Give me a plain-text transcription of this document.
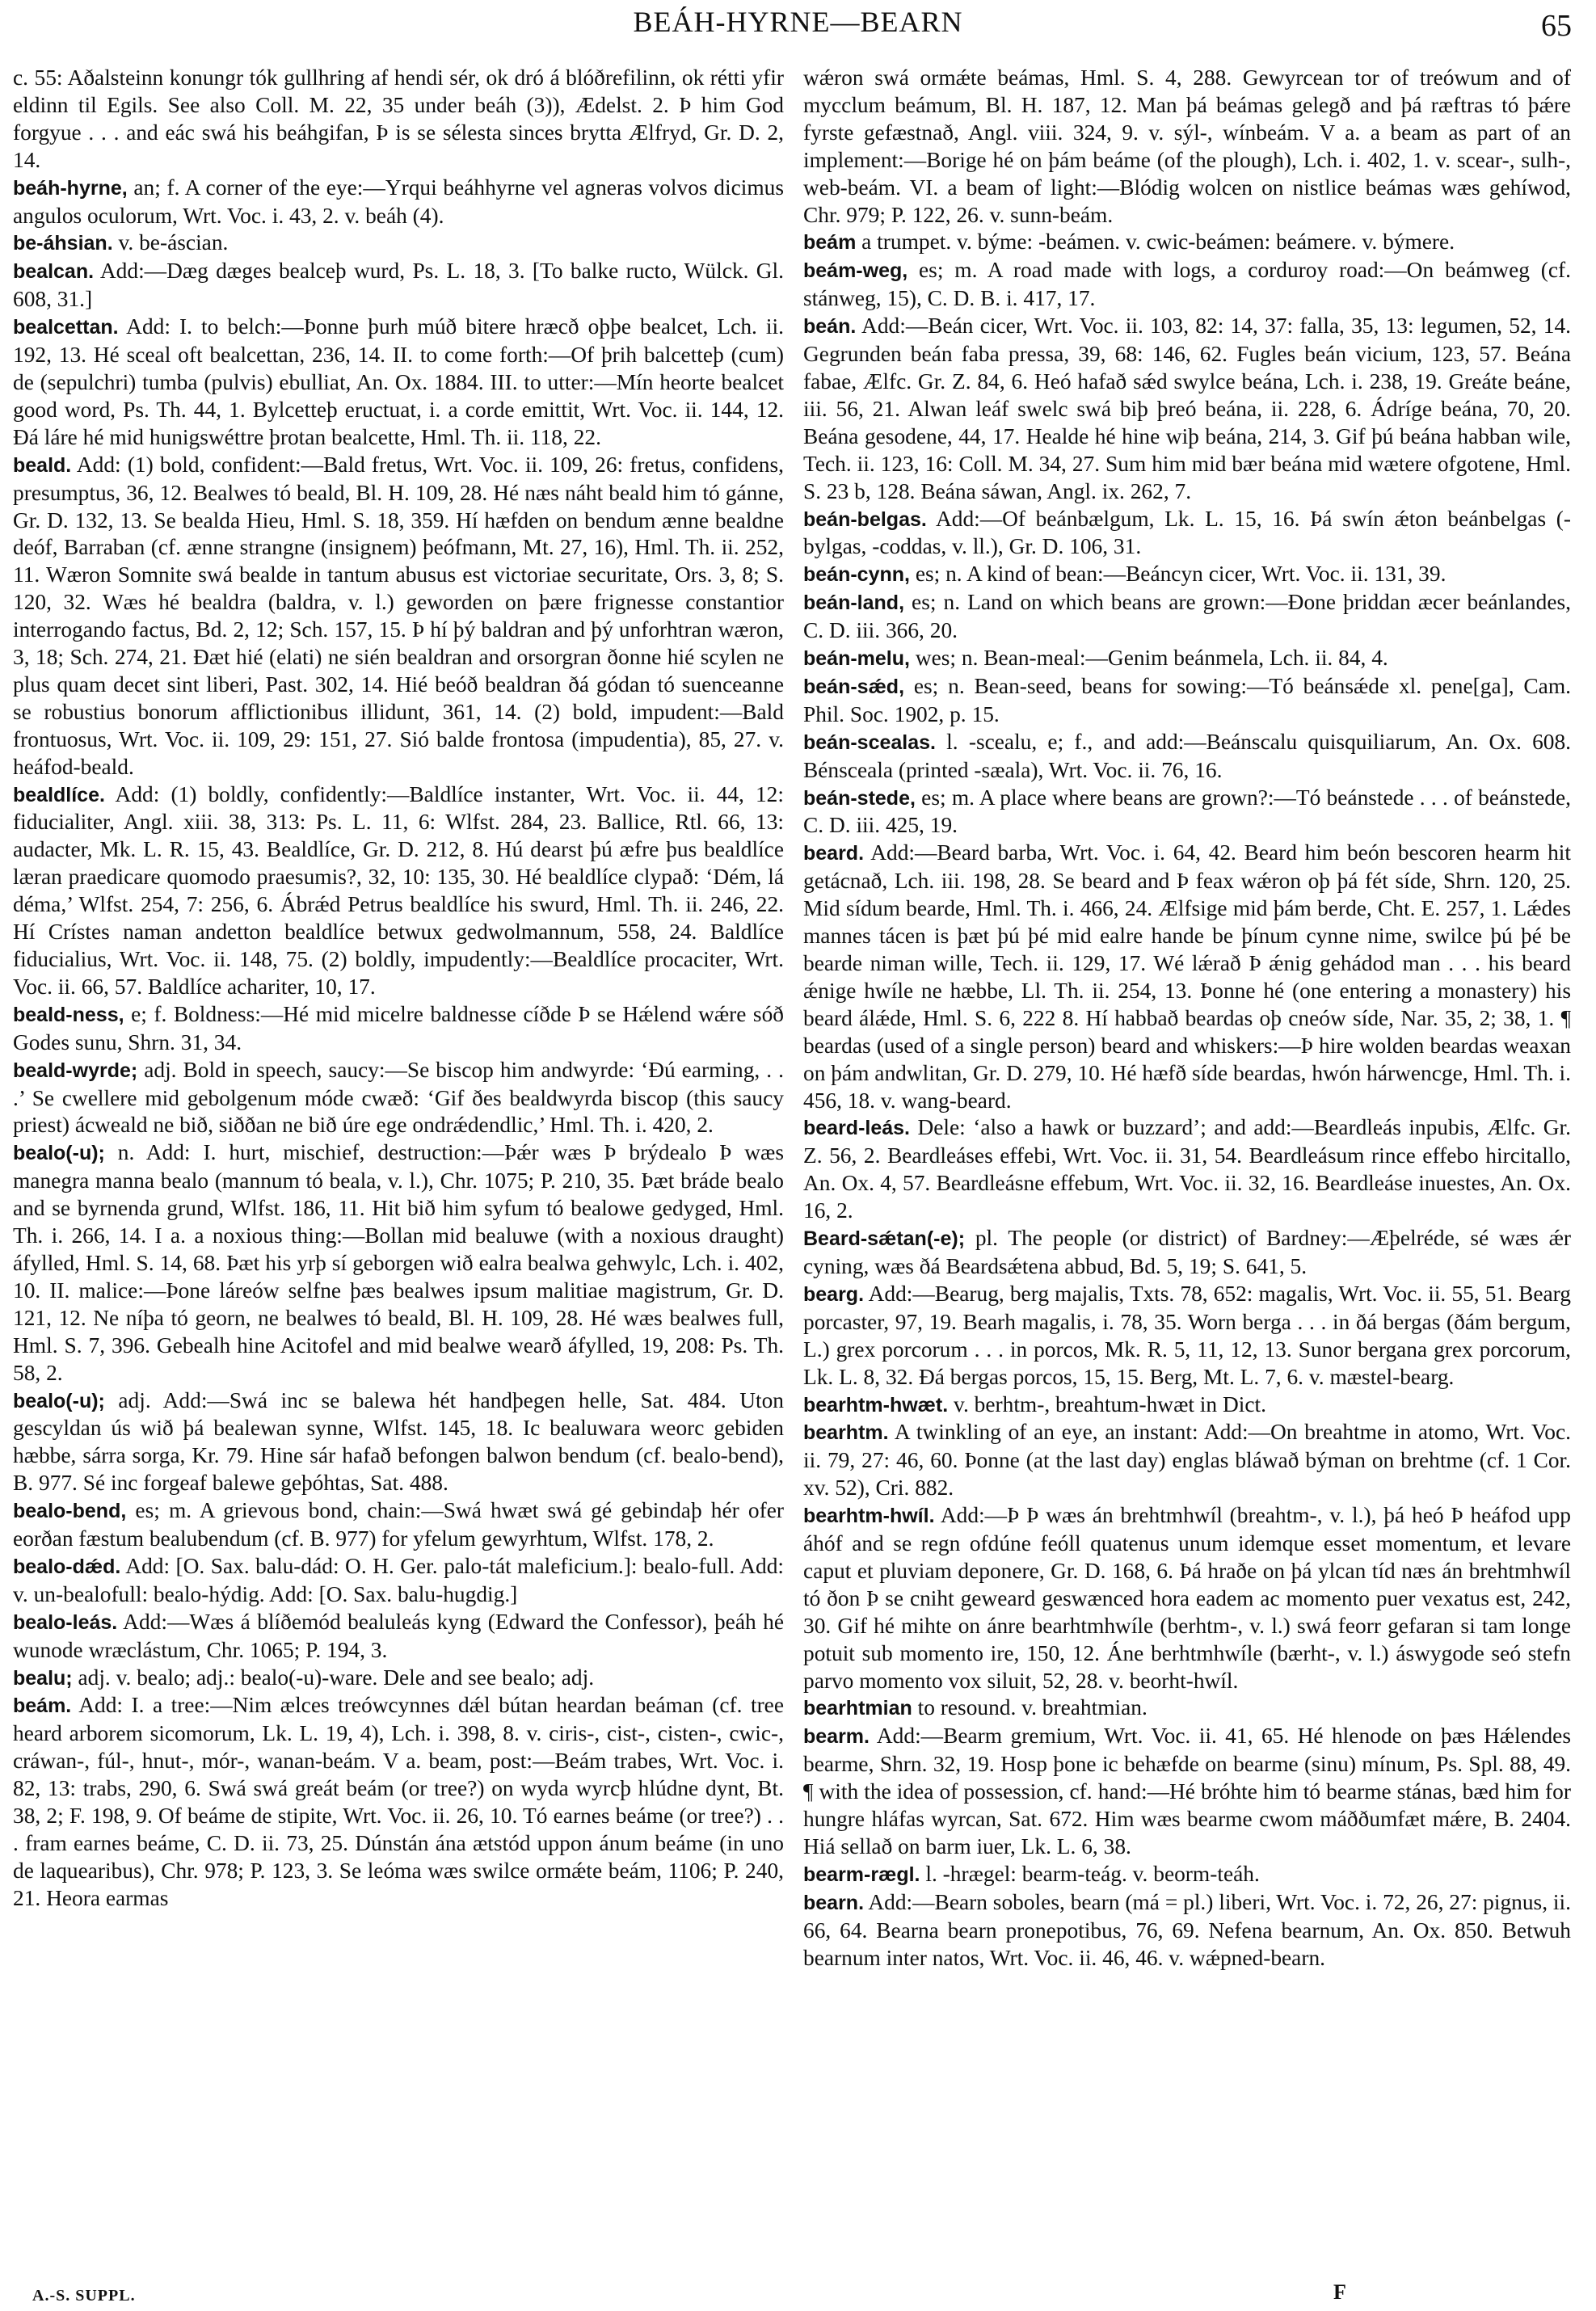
BEÁH-HYRNE—BEARN	65

c. 55: Aðalsteinn konungr tók gullhring af hendi sér, ok dró á blóðrefilinn, ok rétti yfir eldinn til Egils. See also Coll. M. 22, 35 under beáh (3)), Ædelst. 2. Þ him God forgyue . . . and eác swá his beáhgifan, Þ is se sélesta sinces brytta Ælfryd, Gr. D. 2, 14.

beáh-hyrne, an; f. A corner of the eye:—Yrqui beáhhyrne vel agneras volvos dicimus angulos oculorum, Wrt. Voc. i. 43, 2. v. beáh (4).

be-áhsian. v. be-áscian.

bealcan. Add:—Dæg dæges bealceþ wurd, Ps. L. 18, 3. [To balke ructo, Wülck. Gl. 608, 31.]

bealcettan. Add: I. to belch:—Þonne þurh múð bitere hræcð oþþe bealcet, Lch. ii. 192, 13. Hé sceal oft bealcettan, 236, 14. II. to come forth:—Of þrih balcetteþ (cum) de (sepulchri) tumba (pulvis) ebulliat, An. Ox. 1884. III. to utter:—Mín heorte bealcet good word, Ps. Th. 44, 1. Bylcetteþ eructuat, i. a corde emittit, Wrt. Voc. ii. 144, 12. Ðá láre hé mid hunigswéttre þrotan bealcette, Hml. Th. ii. 118, 22.

beald. Add: (1) bold, confident:—Bald fretus, Wrt. Voc. ii. 109, 26: fretus, confidens, presumptus, 36, 12. Bealwes tó beald, Bl. H. 109, 28. Hé næs náht beald him tó gánne, Gr. D. 132, 13. Se bealda Hieu, Hml. S. 18, 359. Hí hæfden on bendum ænne bealdne deóf, Barraban (cf. ænne strangne (insignem) þeófmann, Mt. 27, 16), Hml. Th. ii. 252, 11. Wæron Somnite swá bealde in tantum abusus est victoriae securitate, Ors. 3, 8; S. 120, 32. Wæs hé bealdra (baldra, v. l.) geworden on þære frignesse constantior interrogando factus, Bd. 2, 12; Sch. 157, 15. Þ hí þý baldran and þý unforhtran wæron, 3, 18; Sch. 274, 21. Ðæt hié (elati) ne sién bealdran and orsorgran ðonne hié scylen ne plus quam decet sint liberi, Past. 302, 14. Hié beóð bealdran ðá gódan tó suenceanne se robustius bonorum afflictionibus illidunt, 361, 14. (2) bold, impudent:—Bald frontuosus, Wrt. Voc. ii. 109, 29: 151, 27. Sió balde frontosa (impudentia), 85, 27. v. heáfod-beald.

bealdlíce. Add: (1) boldly, confidently:—Baldlíce instanter, Wrt. Voc. ii. 44, 12: fiducialiter, Angl. xiii. 38, 313: Ps. L. 11, 6: Wlfst. 284, 23. Ballice, Rtl. 66, 13: audacter, Mk. L. R. 15, 43. Bealdlíce, Gr. D. 212, 8. Hú dearst þú æfre þus bealdlíce læran praedicare quomodo praesumis?, 32, 10: 135, 30. Hé bealdlíce clypað: ‘Dém, lá déma,’ Wlfst. 254, 7: 256, 6. Ábrǽd Petrus bealdlíce his swurd, Hml. Th. ii. 246, 22. Hí Crístes naman andetton bealdlíce betwux gedwolmannum, 558, 24. Baldlíce fiducialius, Wrt. Voc. ii. 148, 75. (2) boldly, impudently:—Bealdlíce procaciter, Wrt. Voc. ii. 66, 57. Baldlíce achariter, 10, 17.

beald-ness, e; f. Boldness:—Hé mid micelre baldnesse cíðde Þ se Hǽlend wǽre sóð Godes sunu, Shrn. 31, 34.

beald-wyrde; adj. Bold in speech, saucy:—Se biscop him andwyrde: ‘Ðú earming, . . .’ Se cwellere mid gebolgenum móde cwæð: ‘Gif ðes bealdwyrda biscop (this saucy priest) ácweald ne bið, siððan ne bið úre ege ondrǽdendlic,’ Hml. Th. i. 420, 2.

bealo(-u); n. Add: I. hurt, mischief, destruction:—Þǽr wæs Þ brýdealo Þ wæs manegra manna bealo (mannum tó beala, v. l.), Chr. 1075; P. 210, 35. Þæt bráde bealo and se byrnenda grund, Wlfst. 186, 11. Hit bið him syfum tó bealowe gedyged, Hml. Th. i. 266, 14. I a. a noxious thing:—Bollan mid bealuwe (with a noxious draught) áfylled, Hml. S. 14, 68. Þæt his yrþ sí geborgen wið ealra bealwa gehwylc, Lch. i. 402, 10. II. malice:—Þone láreów selfne þæs bealwes ipsum malitiae magistrum, Gr. D. 121, 12. Ne níþa tó georn, ne bealwes tó beald, Bl. H. 109, 28. Hé wæs bealwes full, Hml. S. 7, 396. Gebealh hine Acitofel and mid bealwe wearð áfylled, 19, 208: Ps. Th. 58, 2.

bealo(-u); adj. Add:—Swá inc se balewa hét handþegen helle, Sat. 484. Uton gescyldan ús wið þá bealewan synne, Wlfst. 145, 18. Ic bealuwara weorc gebiden hæbbe, sárra sorga, Kr. 79. Hine sár hafað befongen balwon bendum (cf. bealo-bend), B. 977. Sé inc forgeaf balewe geþóhtas, Sat. 488.

bealo-bend, es; m. A grievous bond, chain:—Swá hwæt swá gé gebindaþ hér ofer eorðan fæstum bealubendum (cf. B. 977) for yfelum gewyrhtum, Wlfst. 178, 2.

bealo-dǽd. Add: [O. Sax. balu-dád: O. H. Ger. palo-tát maleficium.]: bealo-full. Add: v. un-bealofull: bealo-hýdig. Add: [O. Sax. balu-hugdig.]

bealo-leás. Add:—Wæs á blíðemód bealuleás kyng (Edward the Confessor), þeáh hé wunode wræclástum, Chr. 1065; P. 194, 3.

bealu; adj. v. bealo; adj.: bealo(-u)-ware. Dele and see bealo; adj.

beám. Add: I. a tree:—Nim ælces treówcynnes dǽl bútan heardan beáman (cf. tree heard arborem sicomorum, Lk. L. 19, 4), Lch. i. 398, 8. v. ciris-, cist-, cisten-, cwic-, cráwan-, fúl-, hnut-, mór-, wanan-beám. V a. beam, post:—Beám trabes, Wrt. Voc. i. 82, 13: trabs, 290, 6. Swá swá greát beám (or tree?) on wyda wyrcþ hlúdne dynt, Bt. 38, 2; F. 198, 9. Of beáme de stipite, Wrt. Voc. ii. 26, 10. Tó earnes beáme (or tree?) . . . fram earnes beáme, C. D. ii. 73, 25. Dúnstán ána ætstód uppon ánum beáme (in uno de laquearibus), Chr. 978; P. 123, 3. Se leóma wæs swilce ormǽte beám, 1106; P. 240, 21. Heora earmas

wǽron swá ormǽte beámas, Hml. S. 4, 288. Gewyrcean tor of treówum and of mycclum beámum, Bl. H. 187, 12. Man þá beámas gelegð and þá ræftras tó þǽre fyrste gefæstnað, Angl. viii. 324, 9. v. sýl-, wínbeám. V a. a beam as part of an implement:—Borige hé on þám beáme (of the plough), Lch. i. 402, 1. v. scear-, sulh-, web-beám. VI. a beam of light:—Blódig wolcen on nistlice beámas wæs gehíwod, Chr. 979; P. 122, 26. v. sunn-beám.

beám a trumpet. v. býme: -beámen. v. cwic-beámen: beámere. v. býmere.

beám-weg, es; m. A road made with logs, a corduroy road:—On beámweg (cf. stánweg, 15), C. D. B. i. 417, 17.

beán. Add:—Beán cicer, Wrt. Voc. ii. 103, 82: 14, 37: falla, 35, 13: legumen, 52, 14. Gegrunden beán faba pressa, 39, 68: 146, 62. Fugles beán vicium, 123, 57. Beána fabae, Ælfc. Gr. Z. 84, 6. Heó hafað sǽd swylce beána, Lch. i. 238, 19. Greáte beáne, iii. 56, 21. Alwan leáf swelc swá biþ þreó beána, ii. 228, 6. Ádríge beána, 70, 20. Beána gesodene, 44, 17. Healde hé hine wiþ beána, 214, 3. Gif þú beána habban wile, Tech. ii. 123, 16: Coll. M. 34, 27. Sum him mid bær beána mid wætere ofgotene, Hml. S. 23 b, 128. Beána sáwan, Angl. ix. 262, 7.

beán-belgas. Add:—Of beánbælgum, Lk. L. 15, 16. Þá swín ǽton beánbelgas (-bylgas, -coddas, v. ll.), Gr. D. 106, 31.

beán-cynn, es; n. A kind of bean:—Beáncyn cicer, Wrt. Voc. ii. 131, 39.

beán-land, es; n. Land on which beans are grown:—Ðone þriddan æcer beánlandes, C. D. iii. 366, 20.

beán-melu, wes; n. Bean-meal:—Genim beánmela, Lch. ii. 84, 4.

beán-sǽd, es; n. Bean-seed, beans for sowing:—Tó beánsǽde xl. pene[ga], Cam. Phil. Soc. 1902, p. 15.

beán-scealas. l. -scealu, e; f., and add:—Beánscalu quisquiliarum, An. Ox. 608. Bénsceala (printed -sæala), Wrt. Voc. ii. 76, 16.

beán-stede, es; m. A place where beans are grown?:—Tó beánstede . . . of beánstede, C. D. iii. 425, 19.

beard. Add:—Beard barba, Wrt. Voc. i. 64, 42. Beard him beón bescoren hearm hit getácnað, Lch. iii. 198, 28. Se beard and Þ feax wǽron oþ þá fét síde, Shrn. 120, 25. Mid sídum bearde, Hml. Th. i. 466, 24. Ælfsige mid þám berde, Cht. E. 257, 1. Lǽdes mannes tácen is þæt þú þé mid ealre hande be þínum cynne nime, swilce þú þé be bearde niman wille, Tech. ii. 129, 17. Wé lǽrað Þ ǽnig gehádod man . . . his beard ǽnige hwíle ne hæbbe, Ll. Th. ii. 254, 13. Þonne hé (one entering a monastery) his beard álǽde, Hml. S. 6, 222 8. Hí habbað beardas oþ cneów síde, Nar. 35, 2; 38, 1. ¶ beardas (used of a single person) beard and whiskers:—Þ hire wolden beardas weaxan on þám andwlitan, Gr. D. 279, 10. Hé hæfð síde beardas, hwón hárwencge, Hml. Th. i. 456, 18. v. wang-beard.

beard-leás. Dele: ‘also a hawk or buzzard’; and add:—Beardleás inpubis, Ælfc. Gr. Z. 56, 2. Beardleáses effebi, Wrt. Voc. ii. 31, 54. Beardleásum rince effebo hircitallo, An. Ox. 4, 57. Beardleásne effebum, Wrt. Voc. ii. 32, 16. Beardleáse inuestes, An. Ox. 16, 2.

Beard-sǽtan(-e); pl. The people (or district) of Bardney:—Æþelréde, sé wæs ǽr cyning, wæs ðá Beardsǽtena abbud, Bd. 5, 19; S. 641, 5.

bearg. Add:—Bearug, berg majalis, Txts. 78, 652: magalis, Wrt. Voc. ii. 55, 51. Bearg porcaster, 97, 19. Bearh magalis, i. 78, 35. Worn berga . . . in ðá bergas (ðám bergum, L.) grex porcorum . . . in porcos, Mk. R. 5, 11, 12, 13. Sunor bergana grex porcorum, Lk. L. 8, 32. Ðá bergas porcos, 15, 15. Berg, Mt. L. 7, 6. v. mæstel-bearg.

bearhtm-hwæt. v. berhtm-, breahtum-hwæt in Dict.

bearhtm. A twinkling of an eye, an instant: Add:—On breahtme in atomo, Wrt. Voc. ii. 79, 27: 46, 60. Þonne (at the last day) englas bláwað býman on brehtme (cf. 1 Cor. xv. 52), Cri. 882.

bearhtm-hwíl. Add:—Þ Þ wæs án brehtmhwíl (breahtm-, v. l.), þá heó Þ heáfod upp áhóf and se regn ofdúne feóll quatenus unum idemque esset momentum, et levare caput et pluviam deponere, Gr. D. 168, 6. Þá hraðe on þá ylcan tíd næs án brehtmhwíl tó ðon Þ se cniht geweard geswænced hora eadem ac momento puer vexatus est, 242, 30. Gif hé mihte on ánre bearhtmhwíle (berhtm-, v. l.) swá feorr gefaran si tam longe potuit sub momento ire, 150, 12. Áne berhtmhwíle (bærht-, v. l.) áswygode seó stefn parvo momento vox siluit, 52, 28. v. beorht-hwíl.

bearhtmian to resound. v. breahtmian.

bearm. Add:—Bearm gremium, Wrt. Voc. ii. 41, 65. Hé hlenode on þæs Hǽlendes bearme, Shrn. 32, 19. Hosp þone ic behæfde on bearme (sinu) mínum, Ps. Spl. 88, 49. ¶ with the idea of possession, cf. hand:—Hé bróhte him tó bearme stánas, bæd him for hungre hláfas wyrcan, Sat. 672. Him wæs bearme cwom máððumfæt mǽre, B. 2404. Hiá sellað on barm iuer, Lk. L. 6, 38.

bearm-rægl. l. -hrægel: bearm-teág. v. beorm-teáh.

bearn. Add:—Bearn soboles, bearn (má = pl.) liberi, Wrt. Voc. i. 72, 26, 27: pignus, ii. 66, 64. Bearna bearn pronepotibus, 76, 69. Nefena bearnum, An. Ox. 850. Betwuh bearnum inter natos, Wrt. Voc. ii. 46, 46. v. wǽpned-bearn.

A.-S. SUPPL.	F
